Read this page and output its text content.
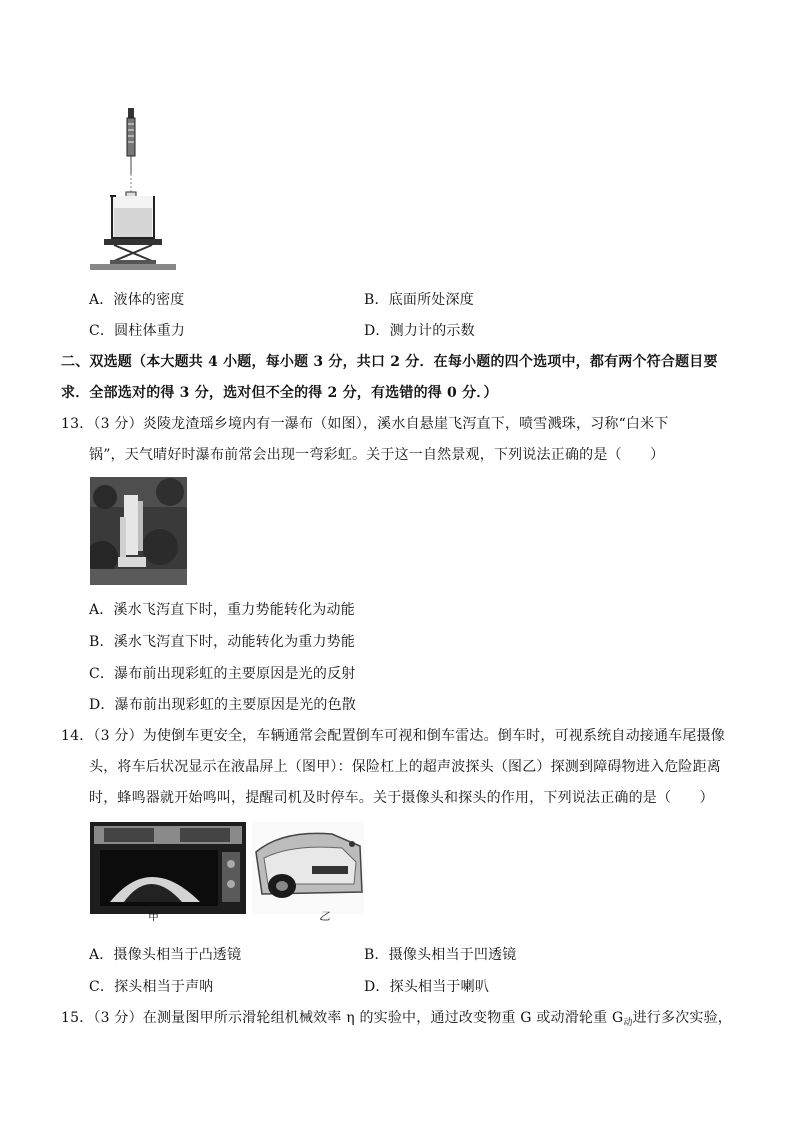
A．液体的密度	B．底面所处深度
C．圆柱体重力	D．测力计的示数
二、双选题（本大题共 4 小题，每小题 3 分，共口 2 分．在每小题的四个选项中，都有两个符合题目要
求．全部选对的得 3 分，选对但不全的得 2 分，有选错的得 0 分．）
13．（3 分）炎陵龙渣瑶乡境内有一瀑布（如图），溪水自悬崖飞泻直下，喷雪溅珠，习称“白米下
锅”，天气晴好时瀑布前常会出现一弯彩虹。关于这一自然景观，下列说法正确的是（　　）
A．溪水飞泻直下时，重力势能转化为动能
B．溪水飞泻直下时，动能转化为重力势能
C．瀑布前出现彩虹的主要原因是光的反射
D．瀑布前出现彩虹的主要原因是光的色散
14．（3 分）为使倒车更安全，车辆通常会配置倒车可视和倒车雷达。倒车时，可视系统自动接通车尾摄像
头，将车后状况显示在液晶屏上（图甲）：保险杠上的超声波探头（图乙）探测到障碍物进入危险距离
时，蜂鸣器就开始鸣叫，提醒司机及时停车。关于摄像头和探头的作用，下列说法正确的是（　　）
甲	乙
A．摄像头相当于凸透镜	B．摄像头相当于凹透镜
C．探头相当于声呐	D．探头相当于喇叭
15．（3 分）在测量图甲所示滑轮组机械效率 η 的实验中，通过改变物重 G 或动滑轮重 $G_动$进行多次实验，
